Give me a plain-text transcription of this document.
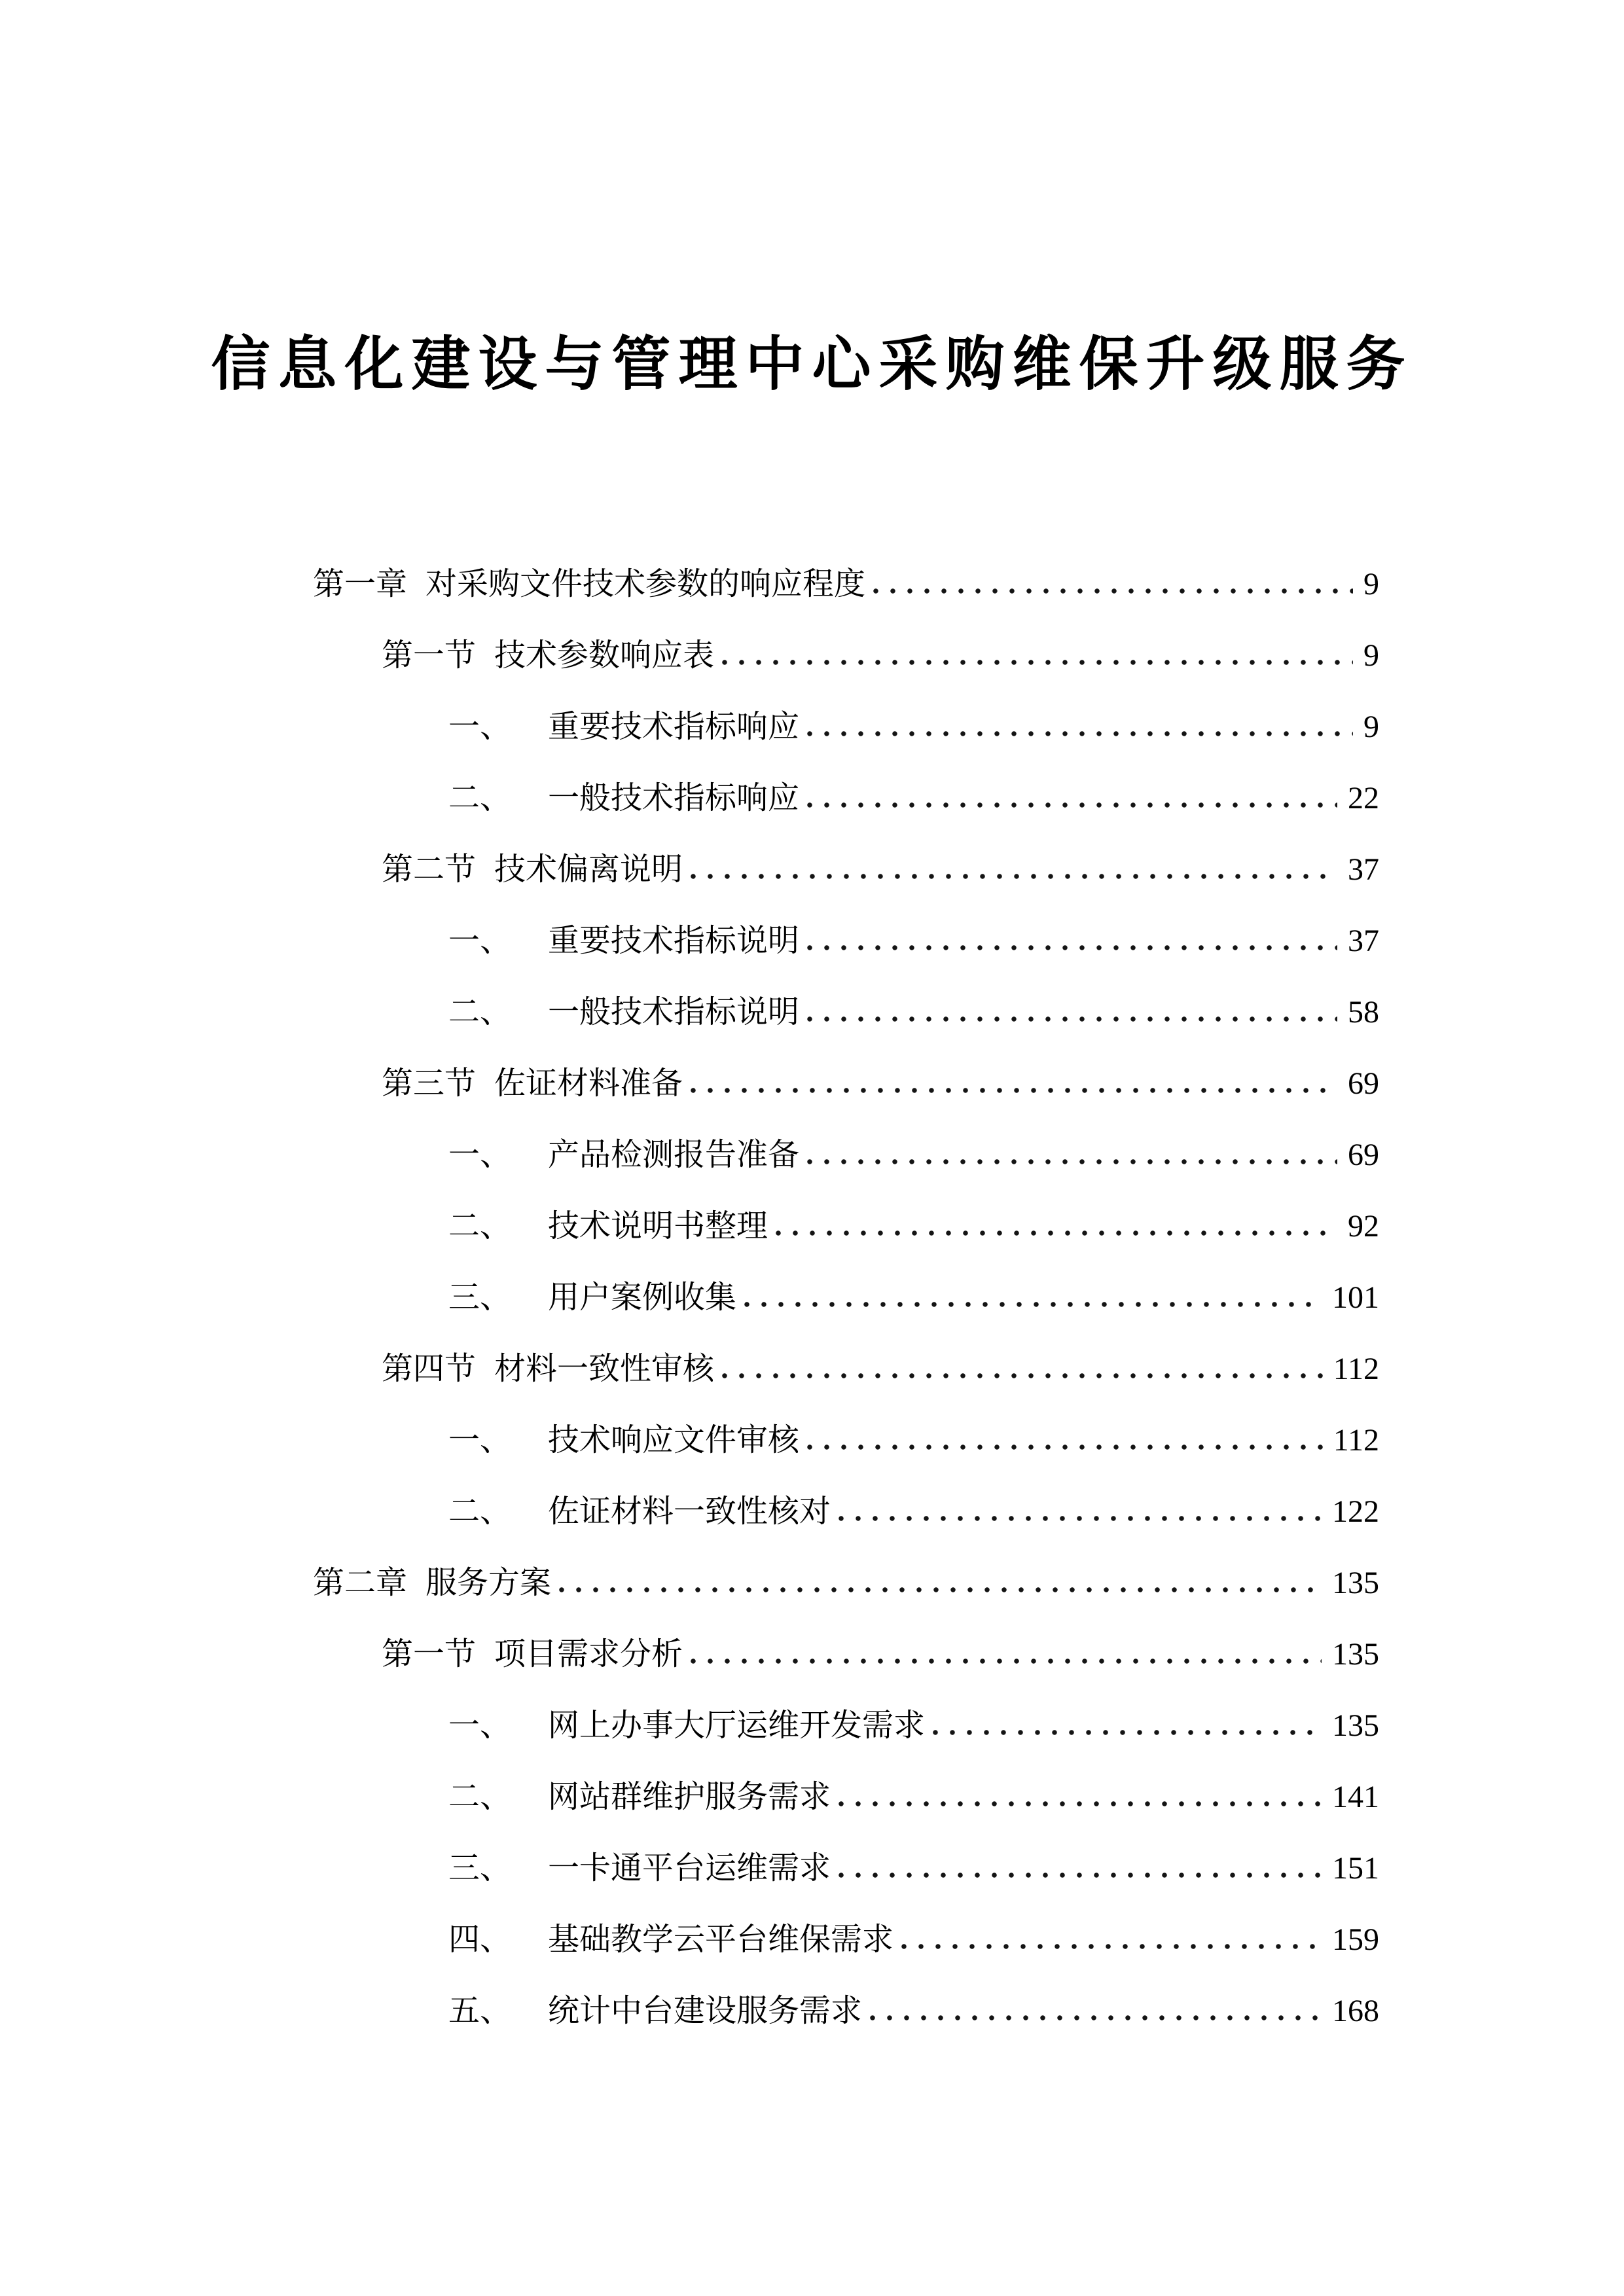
信息化建设与管理中心采购维保升级服务
第一章 对采购文件技术参数的响应程度	9
第一节 技术参数响应表	9
一、 重要技术指标响应	9
二、 一般技术指标响应	22
第二节 技术偏离说明	37
一、 重要技术指标说明	37
二、 一般技术指标说明	58
第三节 佐证材料准备	69
一、 产品检测报告准备	69
二、 技术说明书整理	92
三、 用户案例收集	101
第四节 材料一致性审核	112
一、 技术响应文件审核	112
二、 佐证材料一致性核对	122
第二章 服务方案	135
第一节 项目需求分析	135
一、 网上办事大厅运维开发需求	135
二、 网站群维护服务需求	141
三、 一卡通平台运维需求	151
四、 基础教学云平台维保需求	159
五、 统计中台建设服务需求	168
